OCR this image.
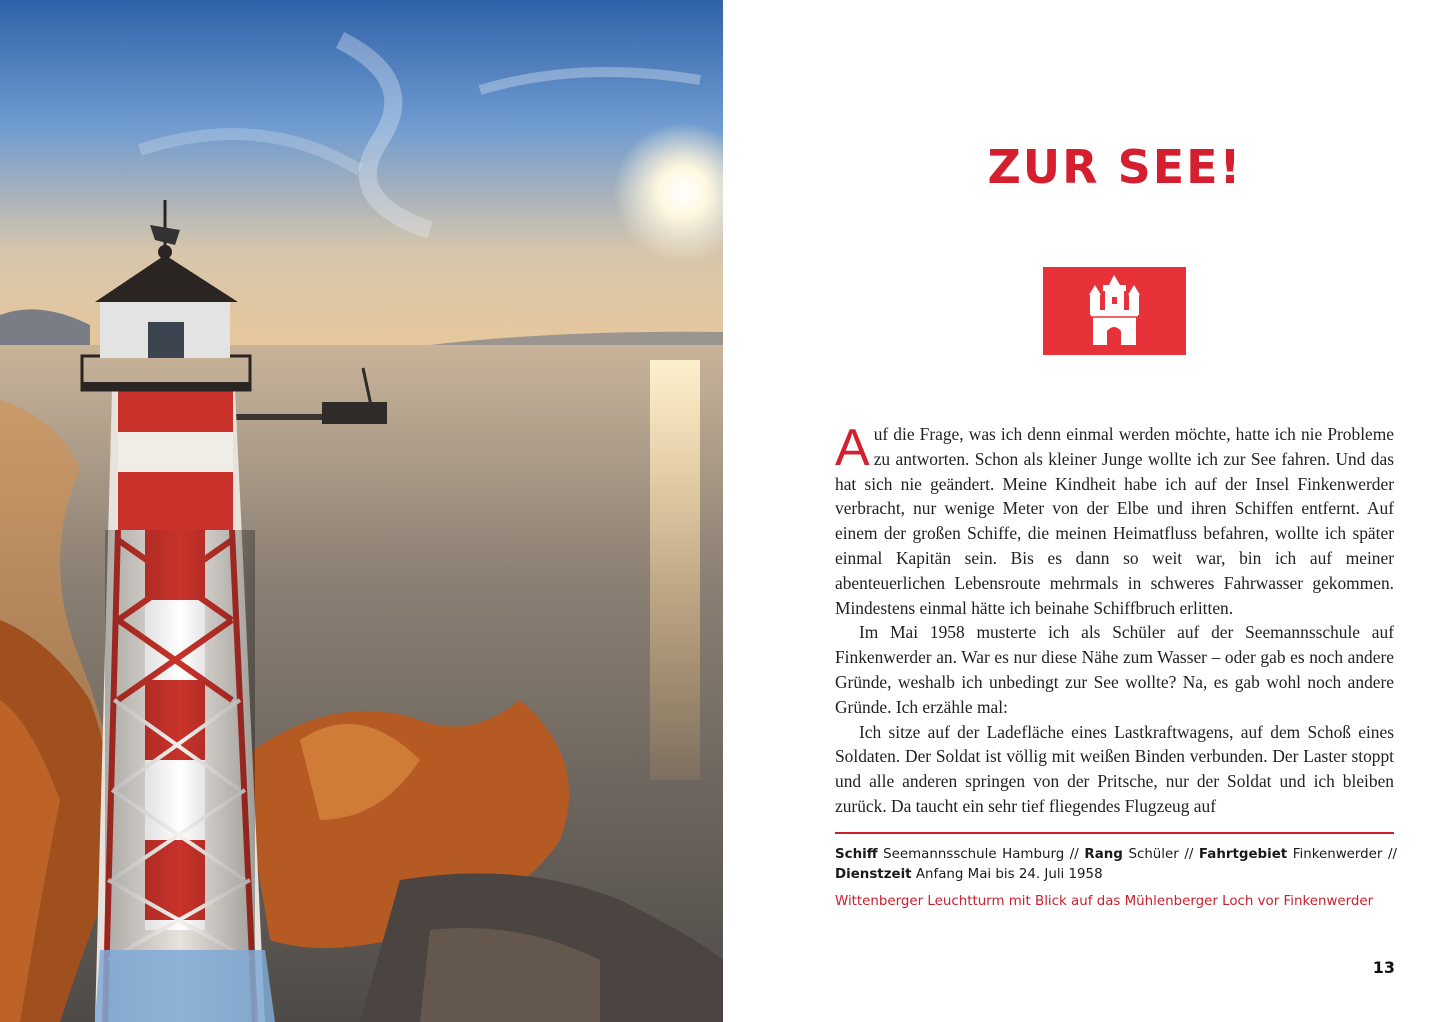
ZUR SEE!

Auf die Frage, was ich denn einmal werden möchte, hatte ich nie Probleme zu antworten. Schon als kleiner Junge wollte ich zur See fahren. Und das hat sich nie geändert. Meine Kindheit habe ich auf der Insel Finkenwerder verbracht, nur wenige Meter von der Elbe und ihren Schiffen entfernt. Auf einem der großen Schiffe, die meinen Heimatfluss befahren, wollte ich später einmal Kapitän sein. Bis es dann so weit war, bin ich auf meiner abenteuerlichen Lebensroute mehrmals in schweres Fahrwasser gekommen. Mindestens einmal hätte ich beinahe Schiffbruch erlitten.

Im Mai 1958 musterte ich als Schüler auf der Seemannsschule auf Finkenwerder an. War es nur diese Nähe zum Wasser – oder gab es noch andere Gründe, weshalb ich unbedingt zur See wollte? Na, es gab wohl noch andere Gründe. Ich erzähle mal:

Ich sitze auf der Ladefläche eines Lastkraftwagens, auf dem Schoß eines Soldaten. Der Soldat ist völlig mit weißen Binden verbunden. Der Laster stoppt und alle anderen springen von der Pritsche, nur der Soldat und ich bleiben zurück. Da taucht ein sehr tief fliegendes Flugzeug auf

Schiff Seemannsschule Hamburg // Rang Schüler // Fahrtgebiet Finkenwerder // Dienstzeit Anfang Mai bis 24. Juli 1958
Wittenberger Leuchtturm mit Blick auf das Mühlenberger Loch vor Finkenwerder
13
